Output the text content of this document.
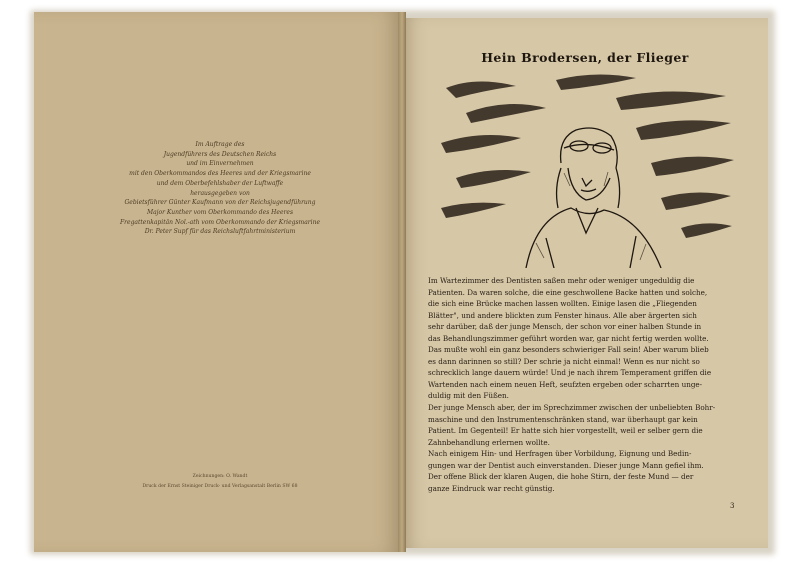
Im Auftrage des
Jugendführers des Deutschen Reichs
und im Einvernehmen
mit den Oberkommandos des Heeres und der Kriegsmarine
und dem Oberbefehlshaber der Luftwaffe
herausgegeben von
Gebietsführer Günter Kaufmann von der Reichsjugendführung
Major Kunther vom Oberkommando des Heeres
Fregattenkapitän Nol.-ath vom Oberkommando der Kriegsmarine
Dr. Peter Supf für das Reichsluftfahrtministerium
Zeichnungen: O. Wandt
Druck der Ernst Steiniger Druck- und Verlagsanstalt Berlin SW 68
Hein Brodersen, der Flieger
Im Wartezimmer des Dentisten saßen mehr oder weniger ungeduldig die
Patienten. Da waren solche, die eine geschwollene Backe hatten und solche,
die sich eine Brücke machen lassen wollten. Einige lasen die „Fliegenden
Blätter", und andere blickten zum Fenster hinaus. Alle aber ärgerten sich
sehr darüber, daß der junge Mensch, der schon vor einer halben Stunde in
das Behandlungszimmer geführt worden war, gar nicht fertig werden wollte.
Das mußte wohl ein ganz besonders schwieriger Fall sein! Aber warum blieb
es dann darinnen so still? Der schrie ja nicht einmal! Wenn es nur nicht so
schrecklich lange dauern würde! Und je nach ihrem Temperament griffen die
Wartenden nach einem neuen Heft, seufzten ergeben oder scharrten unge-
duldig mit den Füßen.
Der junge Mensch aber, der im Sprechzimmer zwischen der unbeliebten Bohr-
maschine und den Instrumentenschränken stand, war überhaupt gar kein
Patient. Im Gegenteil! Er hatte sich hier vorgestellt, weil er selber gern die
Zahnbehandlung erlernen wollte.
Nach einigem Hin- und Herfragen über Vorbildung, Eignung und Bedin-
gungen war der Dentist auch einverstanden. Dieser junge Mann gefiel ihm.
Der offene Blick der klaren Augen, die hohe Stirn, der feste Mund — der
ganze Eindruck war recht günstig.
3
